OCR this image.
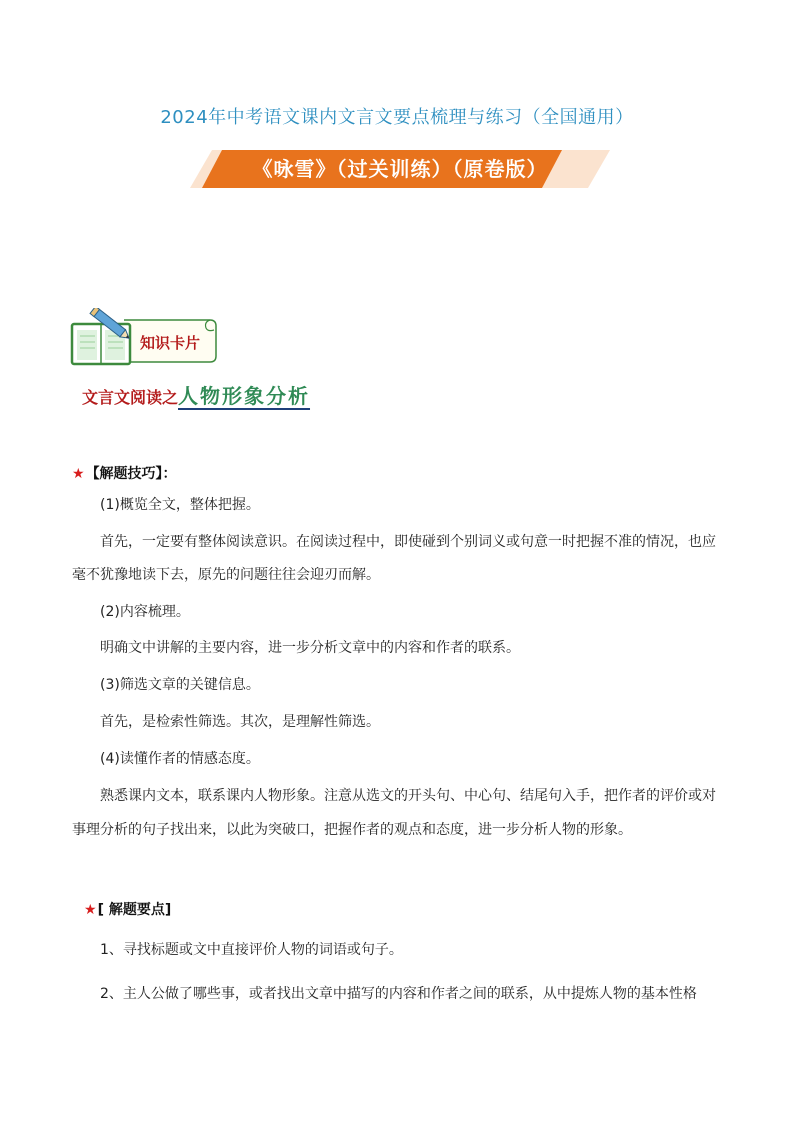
2024年中考语文课内文言文要点梳理与练习（全国通用）
《咏雪》（过关训练）（原卷版）
知识卡片
文言文阅读之人物形象分析
★【解题技巧】：
(1)概览全文，整体把握。
首先，一定要有整体阅读意识。在阅读过程中，即使碰到个别词义或句意一时把握不准的情况，也应
毫不犹豫地读下去，原先的问题往往会迎刃而解。
(2)内容梳理。
明确文中讲解的主要内容，进一步分析文章中的内容和作者的联系。
(3)筛选文章的关键信息。
首先，是检索性筛选。其次，是理解性筛选。
(4)读懂作者的情感态度。
熟悉课内文本，联系课内人物形象。注意从选文的开头句、中心句、结尾句入手，把作者的评价或对
事理分析的句子找出来，以此为突破口，把握作者的观点和态度，进一步分析人物的形象。
★[ 解题要点]
1、寻找标题或文中直接评价人物的词语或句子。
2、主人公做了哪些事，或者找出文章中描写的内容和作者之间的联系，从中提炼人物的基本性格
